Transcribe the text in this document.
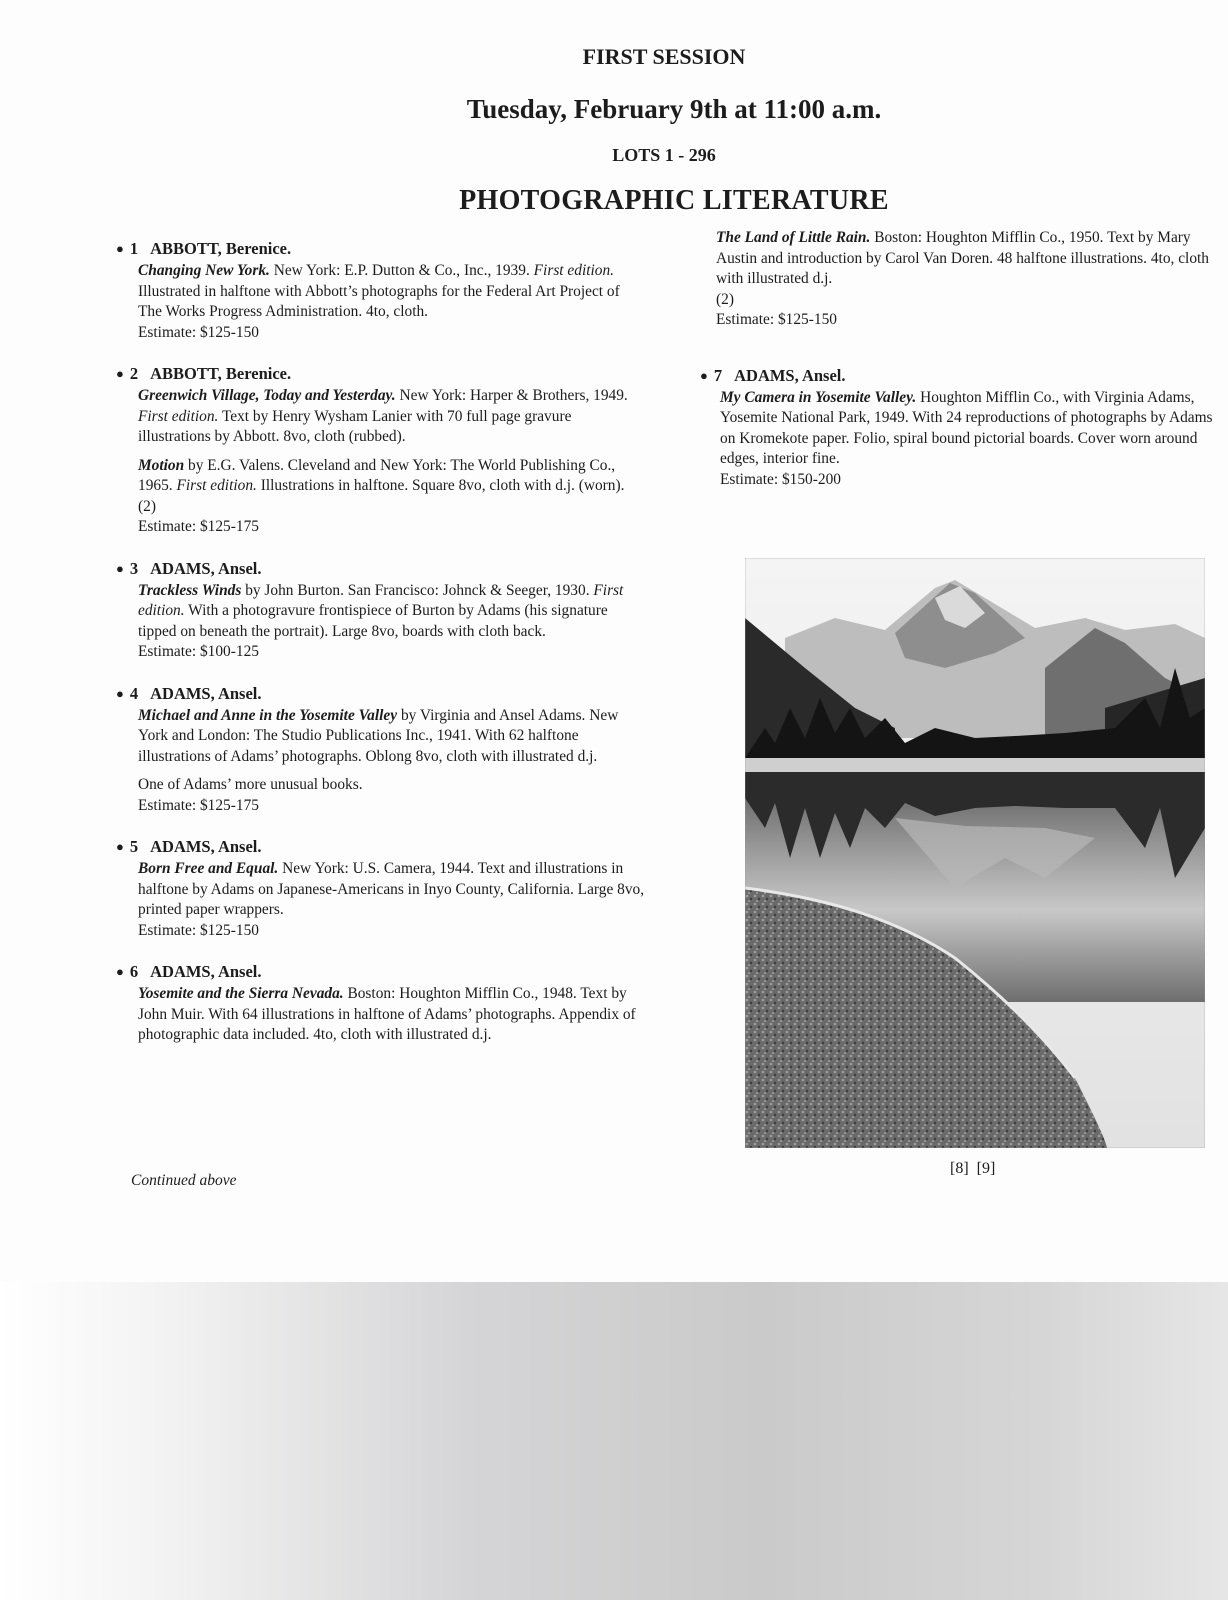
FIRST SESSION
Tuesday, February 9th at 11:00 a.m.
LOTS 1 - 296
PHOTOGRAPHIC LITERATURE
● 1 ABBOTT, Berenice.

Changing New York. New York: E.P. Dutton & Co., Inc., 1939. First edition. Illustrated in halftone with Abbott’s photographs for the Federal Art Project of The Works Progress Administration. 4to, cloth.

Estimate: $125-150

● 2 ABBOTT, Berenice.

Greenwich Village, Today and Yesterday. New York: Harper & Brothers, 1949. First edition. Text by Henry Wysham Lanier with 70 full page gravure illustrations by Abbott. 8vo, cloth (rubbed).

Motion by E.G. Valens. Cleveland and New York: The World Publishing Co., 1965. First edition. Illustrations in halftone. Square 8vo, cloth with d.j. (worn).

(2)

Estimate: $125-175

● 3 ADAMS, Ansel.

Trackless Winds by John Burton. San Francisco: Johnck & Seeger, 1930. First edition. With a photogravure frontispiece of Burton by Adams (his signature tipped on beneath the portrait). Large 8vo, boards with cloth back.

Estimate: $100-125

● 4 ADAMS, Ansel.

Michael and Anne in the Yosemite Valley by Virginia and Ansel Adams. New York and London: The Studio Publications Inc., 1941. With 62 halftone illustrations of Adams’ photographs. Oblong 8vo, cloth with illustrated d.j.

One of Adams’ more unusual books.

Estimate: $125-175

● 5 ADAMS, Ansel.

Born Free and Equal. New York: U.S. Camera, 1944. Text and illustrations in halftone by Adams on Japanese-Americans in Inyo County, California. Large 8vo, printed paper wrappers.

Estimate: $125-150

● 6 ADAMS, Ansel.

Yosemite and the Sierra Nevada. Boston: Houghton Mifflin Co., 1948. Text by John Muir. With 64 illustrations in halftone of Adams’ photographs. Appendix of photographic data included. 4to, cloth with illustrated d.j.

Continued above

The Land of Little Rain. Boston: Houghton Mifflin Co., 1950. Text by Mary Austin and introduction by Carol Van Doren. 48 halftone illustrations. 4to, cloth with illustrated d.j.

(2)

Estimate: $125-150

● 7 ADAMS, Ansel.

My Camera in Yosemite Valley. Houghton Mifflin Co., with Virginia Adams, Yosemite National Park, 1949. With 24 reproductions of photographs by Adams on Kromekote paper. Folio, spiral bound pictorial boards. Cover worn around edges, interior fine.

Estimate: $150-200

[8]  [9]
